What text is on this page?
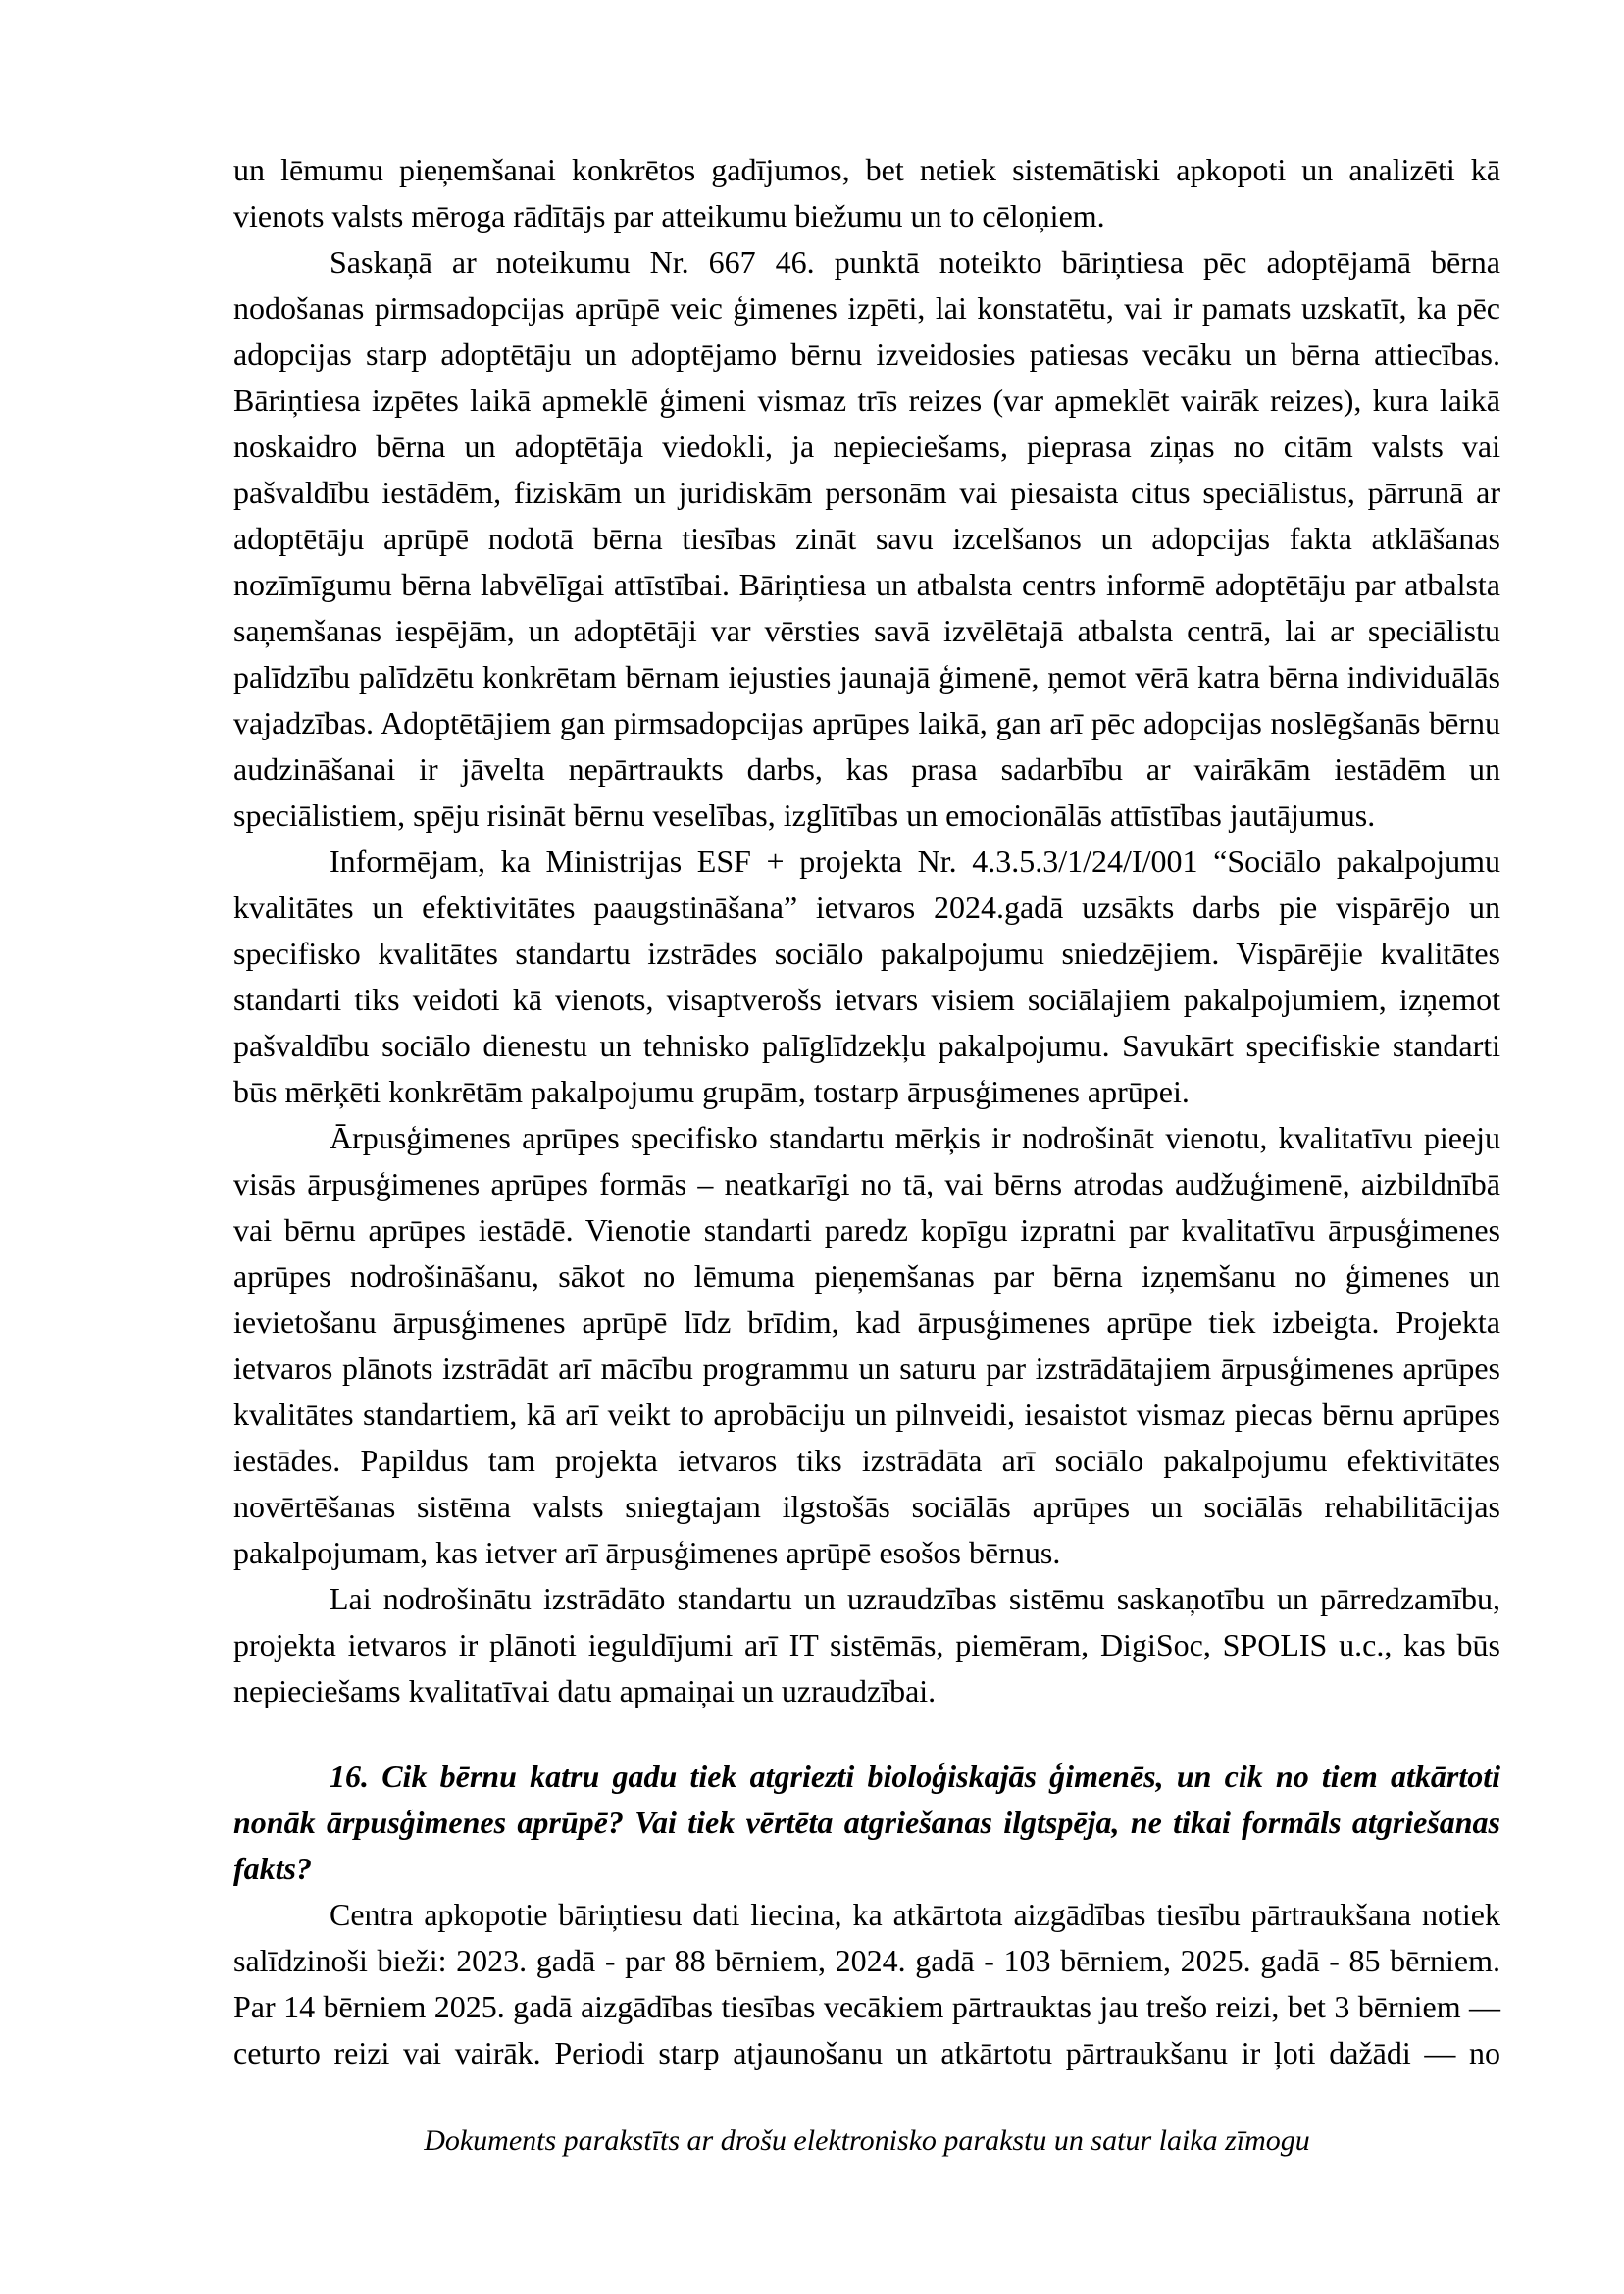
un lēmumu pieņemšanai konkrētos gadījumos, bet netiek sistemātiski apkopoti un analizēti kā vienots valsts mēroga rādītājs par atteikumu biežumu un to cēloņiem.

Saskaņā ar noteikumu Nr. 667 46. punktā noteikto bāriņtiesa pēc adoptējamā bērna nodošanas pirmsadopcijas aprūpē veic ģimenes izpēti, lai konstatētu, vai ir pamats uzskatīt, ka pēc adopcijas starp adoptētāju un adoptējamo bērnu izveidosies patiesas vecāku un bērna attiecības. Bāriņtiesa izpētes laikā apmeklē ģimeni vismaz trīs reizes (var apmeklēt vairāk reizes), kura laikā noskaidro bērna un adoptētāja viedokli, ja nepieciešams, pieprasa ziņas no citām valsts vai pašvaldību iestādēm, fiziskām un juridiskām personām vai piesaista citus speciālistus, pārrunā ar adoptētāju aprūpē nodotā bērna tiesības zināt savu izcelšanos un adopcijas fakta atklāšanas nozīmīgumu bērna labvēlīgai attīstībai. Bāriņtiesa un atbalsta centrs informē adoptētāju par atbalsta saņemšanas iespējām, un adoptētāji var vērsties savā izvēlētajā atbalsta centrā, lai ar speciālistu palīdzību palīdzētu konkrētam bērnam iejusties jaunajā ģimenē, ņemot vērā katra bērna individuālās vajadzības. Adoptētājiem gan pirmsadopcijas aprūpes laikā, gan arī pēc adopcijas noslēgšanās bērnu audzināšanai ir jāvelta nepārtraukts darbs, kas prasa sadarbību ar vairākām iestādēm un speciālistiem, spēju risināt bērnu veselības, izglītības un emocionālās attīstības jautājumus.

Informējam, ka Ministrijas ESF + projekta Nr. 4.3.5.3/1/24/I/001 “Sociālo pakalpojumu kvalitātes un efektivitātes paaugstināšana” ietvaros 2024.gadā uzsākts darbs pie vispārējo un specifisko kvalitātes standartu izstrādes sociālo pakalpojumu sniedzējiem. Vispārējie kvalitātes standarti tiks veidoti kā vienots, visaptverošs ietvars visiem sociālajiem pakalpojumiem, izņemot pašvaldību sociālo dienestu un tehnisko palīglīdzekļu pakalpojumu. Savukārt specifiskie standarti būs mērķēti konkrētām pakalpojumu grupām, tostarp ārpusģimenes aprūpei.

Ārpusģimenes aprūpes specifisko standartu mērķis ir nodrošināt vienotu, kvalitatīvu pieeju visās ārpusģimenes aprūpes formās – neatkarīgi no tā, vai bērns atrodas audžuģimenē, aizbildnībā vai bērnu aprūpes iestādē. Vienotie standarti paredz kopīgu izpratni par kvalitatīvu ārpusģimenes aprūpes nodrošināšanu, sākot no lēmuma pieņemšanas par bērna izņemšanu no ģimenes un ievietošanu ārpusģimenes aprūpē līdz brīdim, kad ārpusģimenes aprūpe tiek izbeigta. Projekta ietvaros plānots izstrādāt arī mācību programmu un saturu par izstrādātajiem ārpusģimenes aprūpes kvalitātes standartiem, kā arī veikt to aprobāciju un pilnveidi, iesaistot vismaz piecas bērnu aprūpes iestādes. Papildus tam projekta ietvaros tiks izstrādāta arī sociālo pakalpojumu efektivitātes novērtēšanas sistēma valsts sniegtajam ilgstošās sociālās aprūpes un sociālās rehabilitācijas pakalpojumam, kas ietver arī ārpusģimenes aprūpē esošos bērnus.

Lai nodrošinātu izstrādāto standartu un uzraudzības sistēmu saskaņotību un pārredzamību, projekta ietvaros ir plānoti ieguldījumi arī IT sistēmās, piemēram, DigiSoc, SPOLIS u.c., kas būs nepieciešams kvalitatīvai datu apmaiņai un uzraudzībai.

16. Cik bērnu katru gadu tiek atgriezti bioloģiskajās ģimenēs, un cik no tiem atkārtoti nonāk ārpusģimenes aprūpē? Vai tiek vērtēta atgriešanas ilgtspēja, ne tikai formāls atgriešanas fakts?

Centra apkopotie bāriņtiesu dati liecina, ka atkārtota aizgādības tiesību pārtraukšana notiek salīdzinoši bieži: 2023. gadā - par 88 bērniem, 2024. gadā - 103 bērniem, 2025. gadā - 85 bērniem. Par 14 bērniem 2025. gadā aizgādības tiesības vecākiem pārtrauktas jau trešo reizi, bet 3 bērniem — ceturto reizi vai vairāk. Periodi starp atjaunošanu un atkārtotu pārtraukšanu ir ļoti dažādi — no

Dokuments parakstīts ar drošu elektronisko parakstu un satur laika zīmogu
